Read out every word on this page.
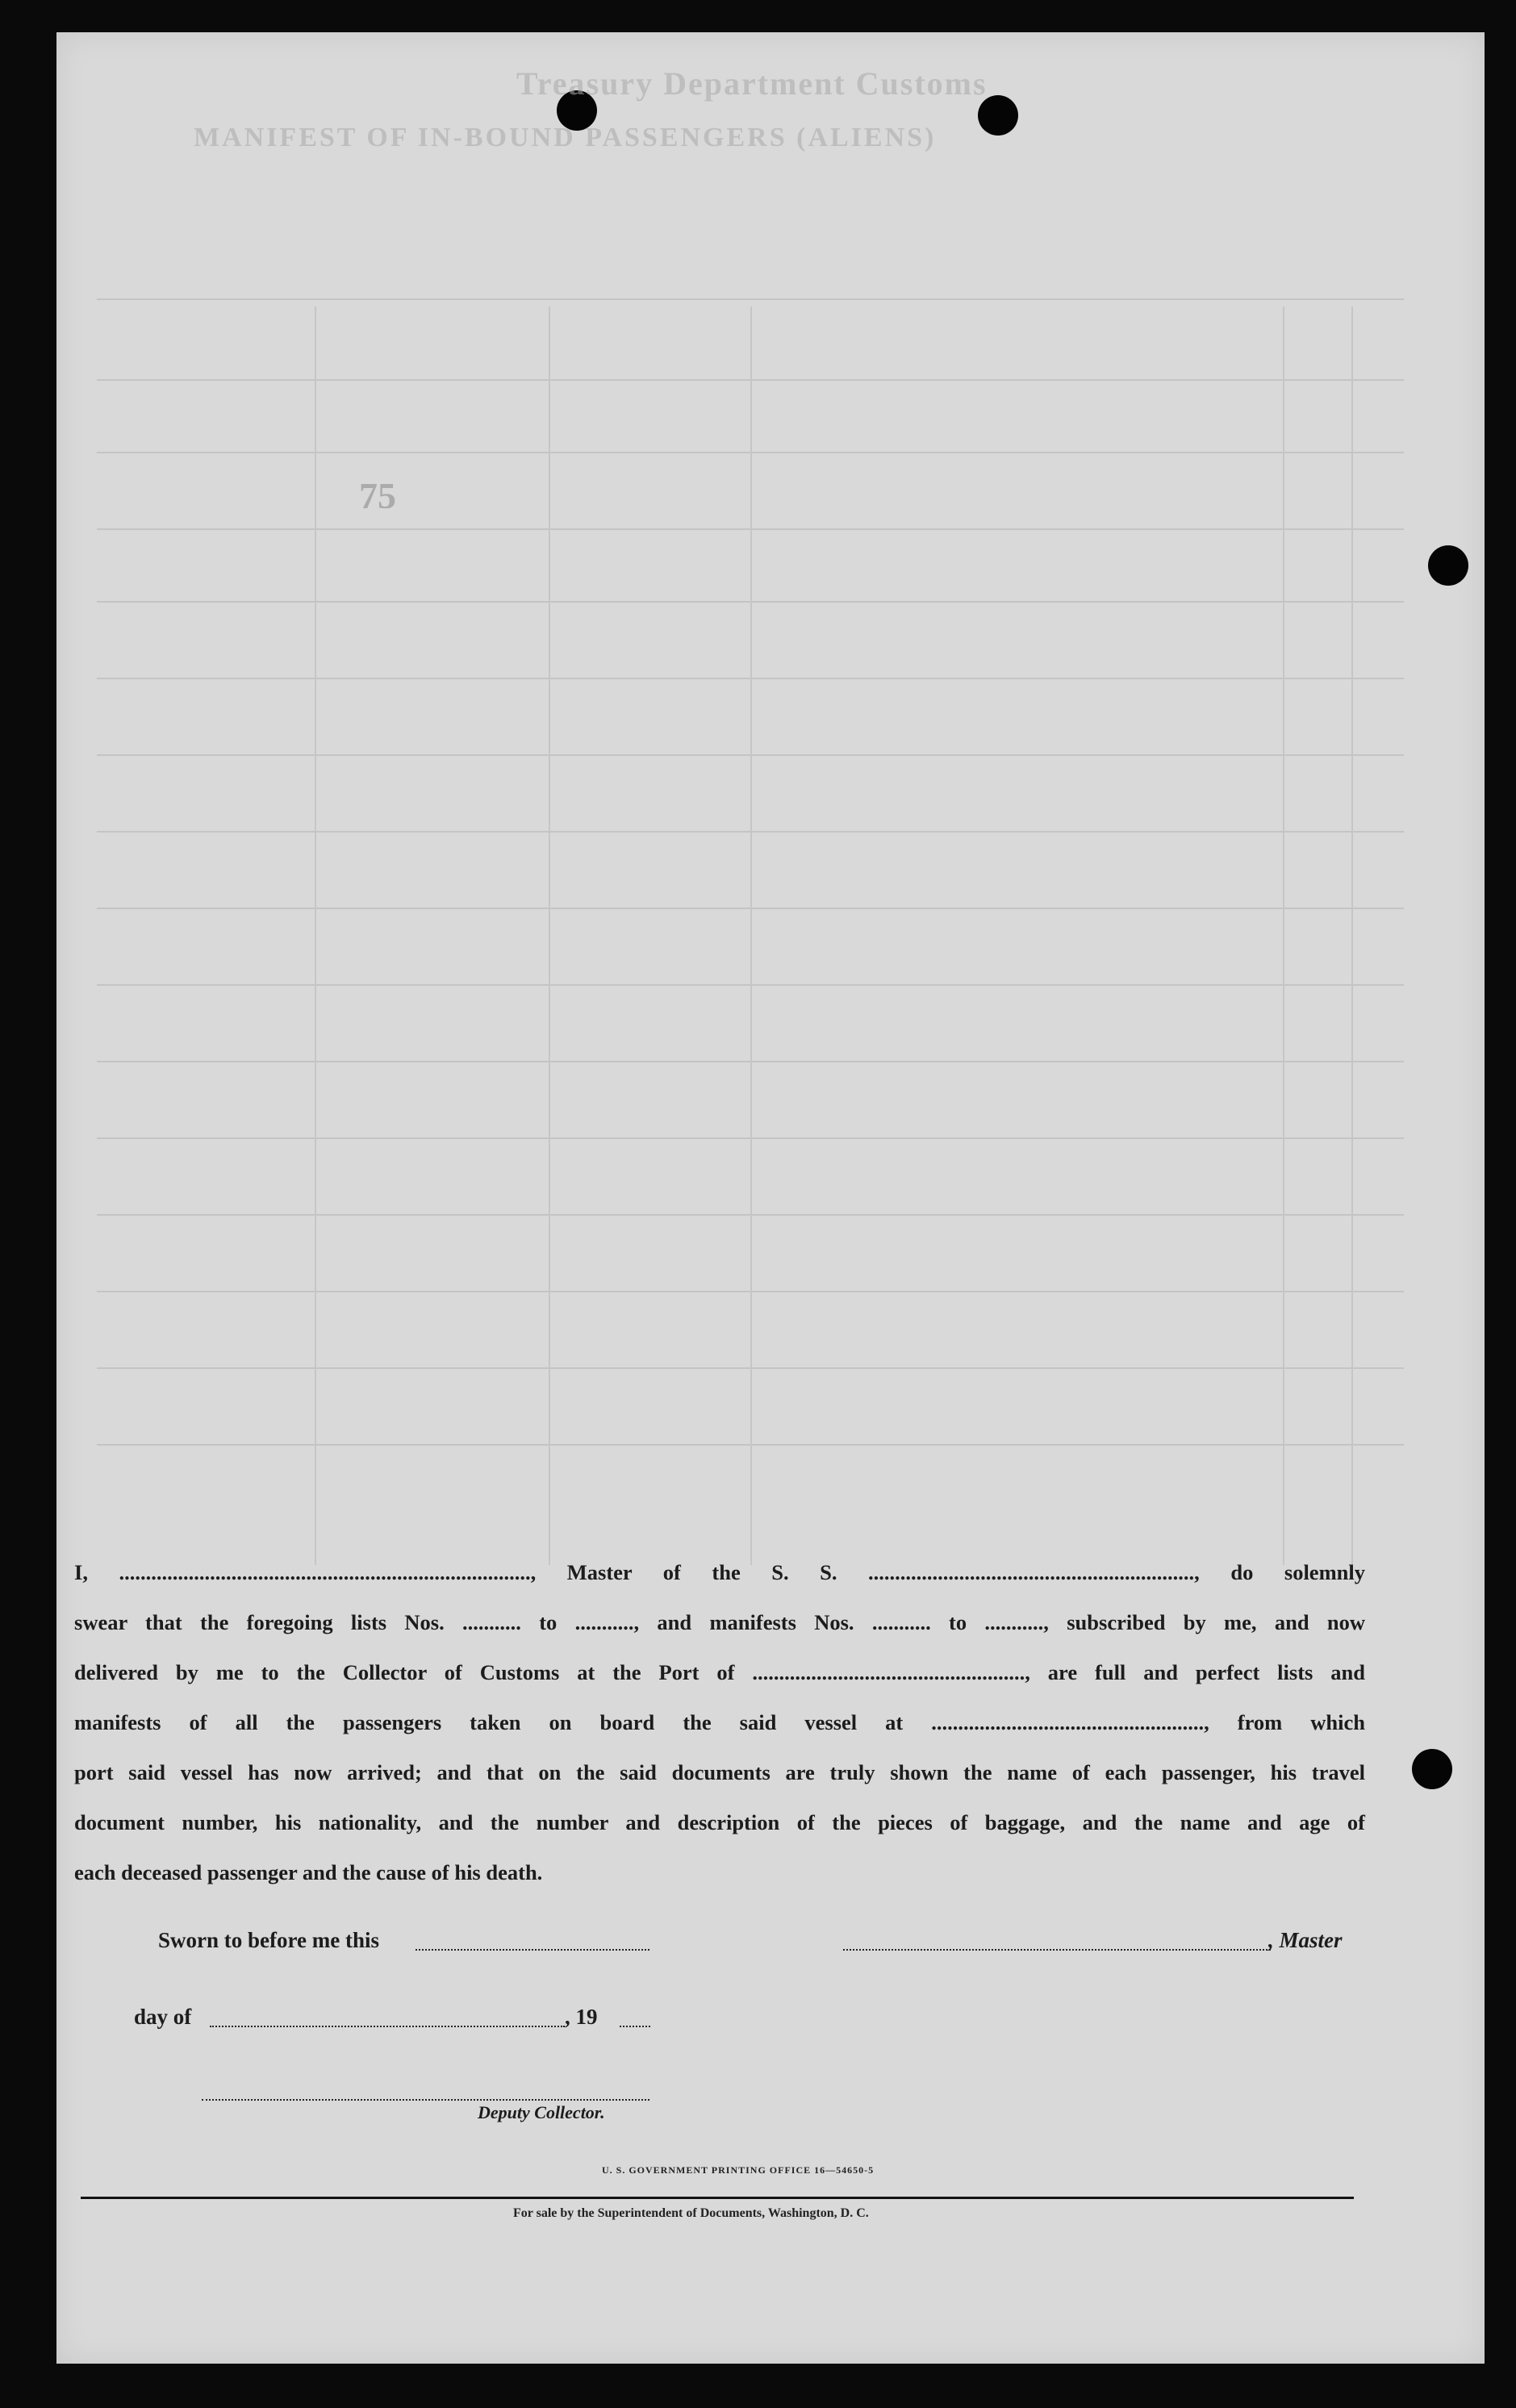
Treasury Department Customs
MANIFEST OF IN-BOUND PASSENGERS (ALIENS)
75

I, ............................................................................., Master of the S. S. ............................................................., do solemnly

swear that the foregoing lists Nos. ........... to ..........., and manifests Nos. ........... to ..........., subscribed by me, and now

delivered by me to the Collector of Customs at the Port of ..................................................., are full and perfect lists and

manifests of all the passengers taken on board the said vessel at ..................................................., from which

port said vessel has now arrived; and that on the said documents are truly shown the name of each passenger, his travel

document number, his nationality, and the number and description of the pieces of baggage, and the name and age of

each deceased passenger and the cause of his death.

Sworn to before me this	, Master
day of	, 19
Deputy Collector.
U. S. GOVERNMENT PRINTING OFFICE 16—54650-5
For sale by the Superintendent of Documents, Washington, D. C.
